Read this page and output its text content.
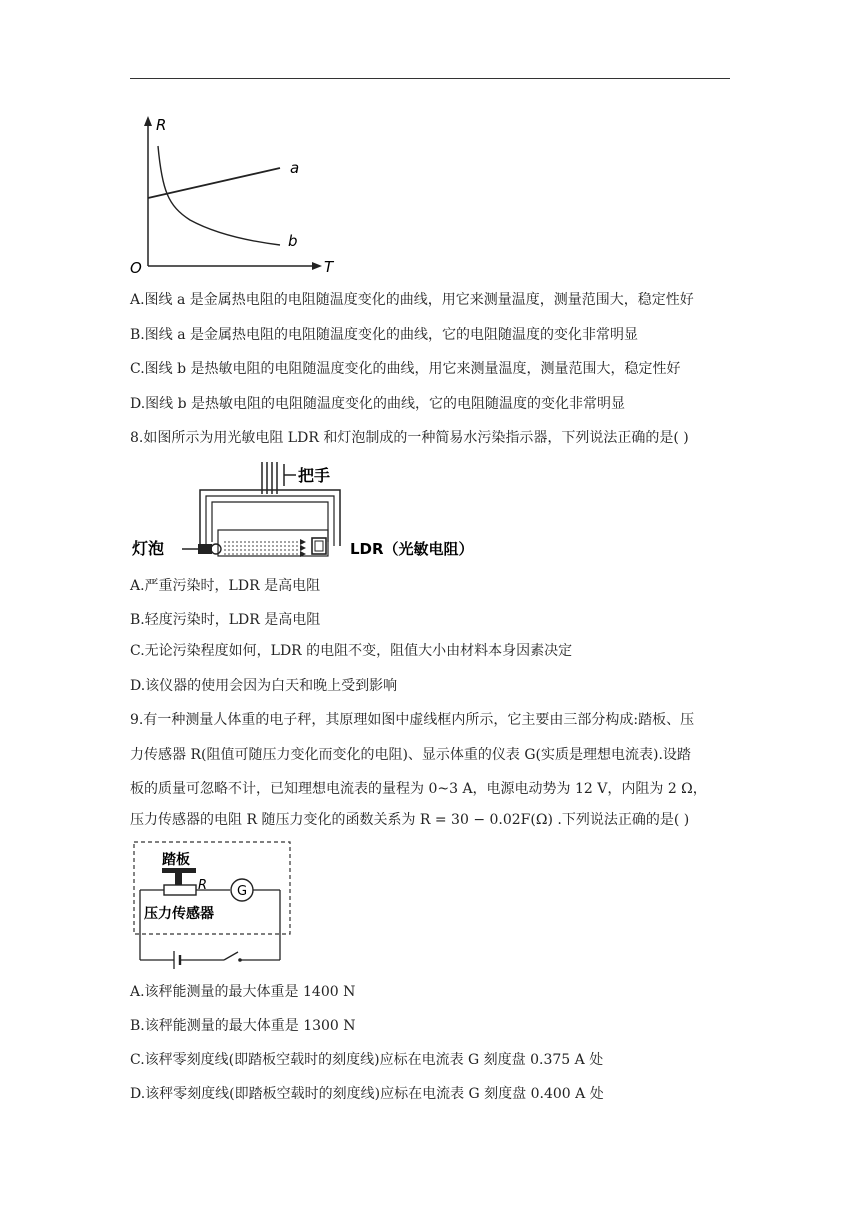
R
T
O
a
b
A.图线 a 是金属热电阻的电阻随温度变化的曲线，用它来测量温度，测量范围大，稳定性好
B.图线 a 是金属热电阻的电阻随温度变化的曲线，它的电阻随温度的变化非常明显
C.图线 b 是热敏电阻的电阻随温度变化的曲线，用它来测量温度，测量范围大，稳定性好
D.图线 b 是热敏电阻的电阻随温度变化的曲线，它的电阻随温度的变化非常明显
8.如图所示为用光敏电阻 LDR 和灯泡制成的一种简易水污染指示器，下列说法正确的是( )
把手
灯泡	LDR（光敏电阻）
A.严重污染时，LDR 是高电阻
B.轻度污染时，LDR 是高电阻
C.无论污染程度如何，LDR 的电阻不变，阻值大小由材料本身因素决定
D.该仪器的使用会因为白天和晚上受到影响
9.有一种测量人体重的电子秤，其原理如图中虚线框内所示，它主要由三部分构成:踏板、压
力传感器 R(阻值可随压力变化而变化的电阻)、显示体重的仪表 G(实质是理想电流表).设踏
板的质量可忽略不计，已知理想电流表的量程为 0~3 A，电源电动势为 12 V，内阻为 2 Ω，
压力传感器的电阻 R 随压力变化的函数关系为 R = 30 − 0.02F(Ω) .下列说法正确的是( )
踏板
R G
压力传感器
A.该秤能测量的最大体重是 1400 N
B.该秤能测量的最大体重是 1300 N
C.该秤零刻度线(即踏板空载时的刻度线)应标在电流表 G 刻度盘 0.375 A 处
D.该秤零刻度线(即踏板空载时的刻度线)应标在电流表 G 刻度盘 0.400 A 处
